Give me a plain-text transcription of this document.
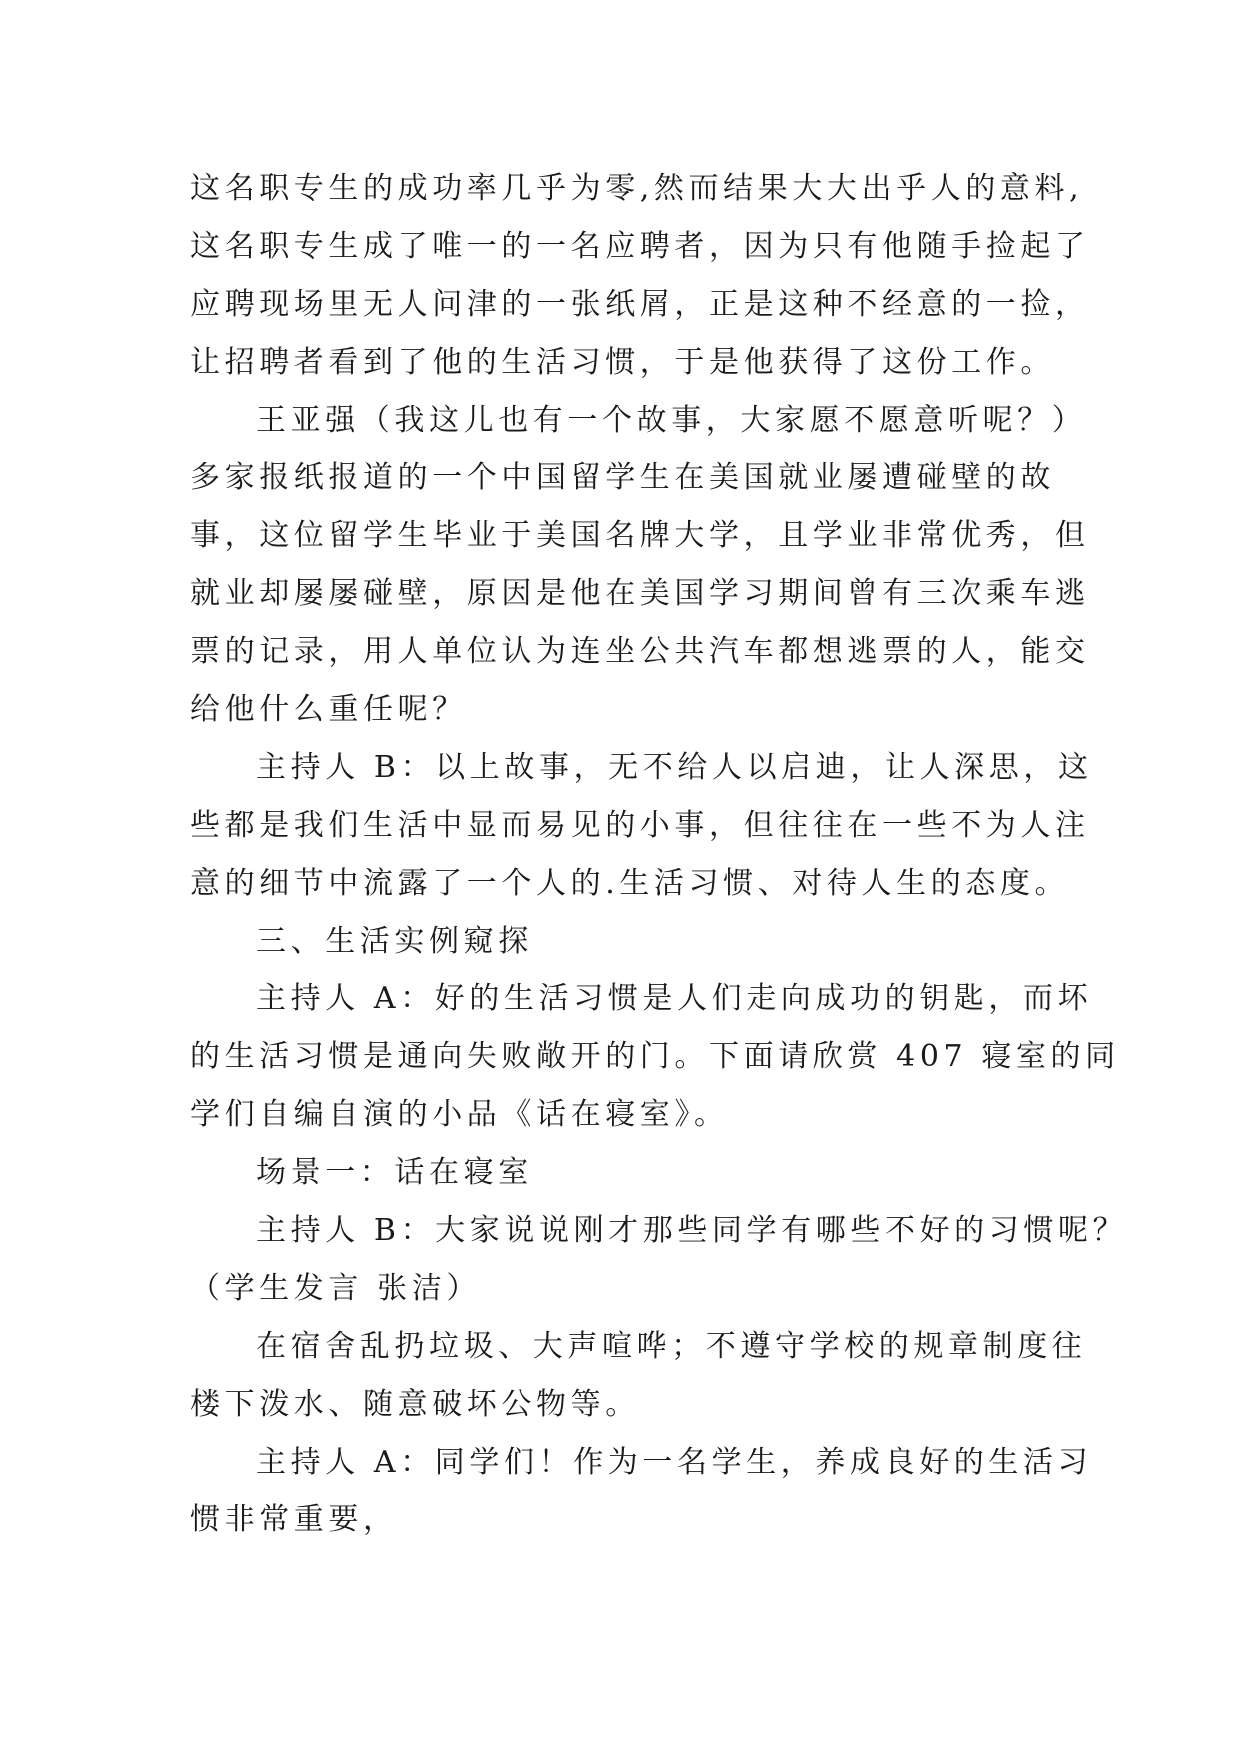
这名职专生的成功率几乎为零,然而结果大大出乎人的意料,
这名职专生成了唯一的一名应聘者，因为只有他随手捡起了
应聘现场里无人问津的一张纸屑，正是这种不经意的一捡，
让招聘者看到了他的生活习惯，于是他获得了这份工作。
王亚强（我这儿也有一个故事，大家愿不愿意听呢？）
多家报纸报道的一个中国留学生在美国就业屡遭碰壁的故
事，这位留学生毕业于美国名牌大学，且学业非常优秀，但
就业却屡屡碰壁，原因是他在美国学习期间曾有三次乘车逃
票的记录，用人单位认为连坐公共汽车都想逃票的人，能交
给他什么重任呢？
主持人 B：以上故事，无不给人以启迪，让人深思，这
些都是我们生活中显而易见的小事，但往往在一些不为人注
意的细节中流露了一个人的.生活习惯、对待人生的态度。
三、生活实例窥探
主持人 A：好的生活习惯是人们走向成功的钥匙，而坏
的生活习惯是通向失败敞开的门。下面请欣赏 407 寝室的同
学们自编自演的小品《话在寝室》。
场景一：话在寝室
主持人 B：大家说说刚才那些同学有哪些不好的习惯呢？
（学生发言 张洁）
在宿舍乱扔垃圾、大声喧哗；不遵守学校的规章制度往
楼下泼水、随意破坏公物等。
主持人 A：同学们！作为一名学生，养成良好的生活习
惯非常重要，
